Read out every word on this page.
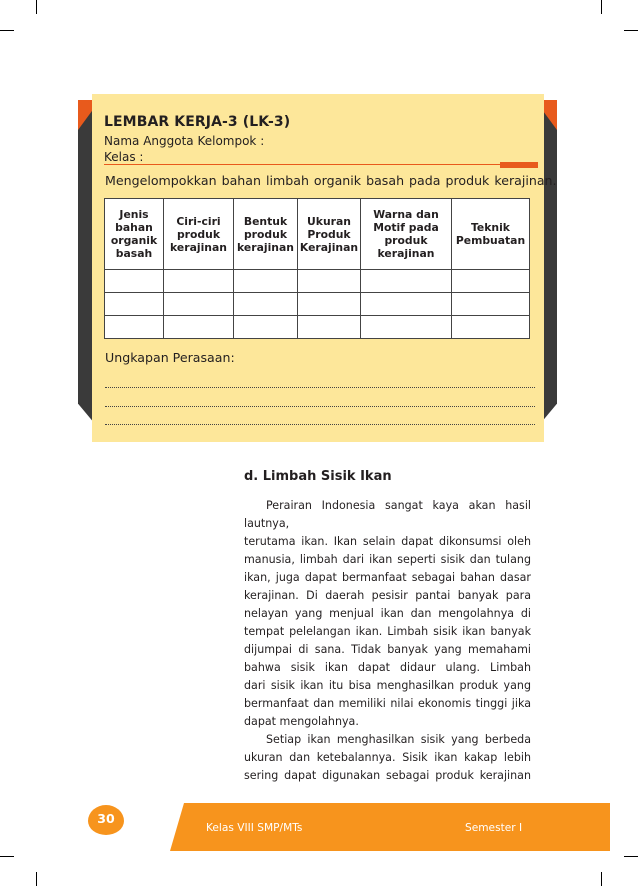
LEMBAR KERJA-3 (LK-3)
Nama Anggota Kelompok :
Kelas :
Mengelompokkan bahan limbah organik basah pada produk kerajinan.
Jenis bahan organik basah	Ciri-ciri produk kerajinan	Bentuk produk kerajinan	Ukuran Produk Kerajinan	Warna dan Motif pada produk kerajinan	Teknik Pembuatan

Ungkapan Perasaan:
d. Limbah Sisik Ikan

Perairan Indonesia sangat kaya akan hasil lautnya,

terutama ikan. Ikan selain dapat dikonsumsi oleh

manusia, limbah dari ikan seperti sisik dan tulang

ikan, juga dapat bermanfaat sebagai bahan dasar

kerajinan. Di daerah pesisir pantai banyak para

nelayan yang menjual ikan dan mengolahnya di

tempat pelelangan ikan. Limbah sisik ikan banyak

dijumpai di sana. Tidak banyak yang memahami

bahwa sisik ikan dapat didaur ulang. Limbah

dari sisik ikan itu bisa menghasilkan produk yang

bermanfaat dan memiliki nilai ekonomis tinggi jika

dapat mengolahnya.

Setiap ikan menghasilkan sisik yang berbeda

ukuran dan ketebalannya. Sisik ikan kakap lebih

sering dapat digunakan sebagai produk kerajinan

Kelas VIII SMP/MTs	Semester I
30
